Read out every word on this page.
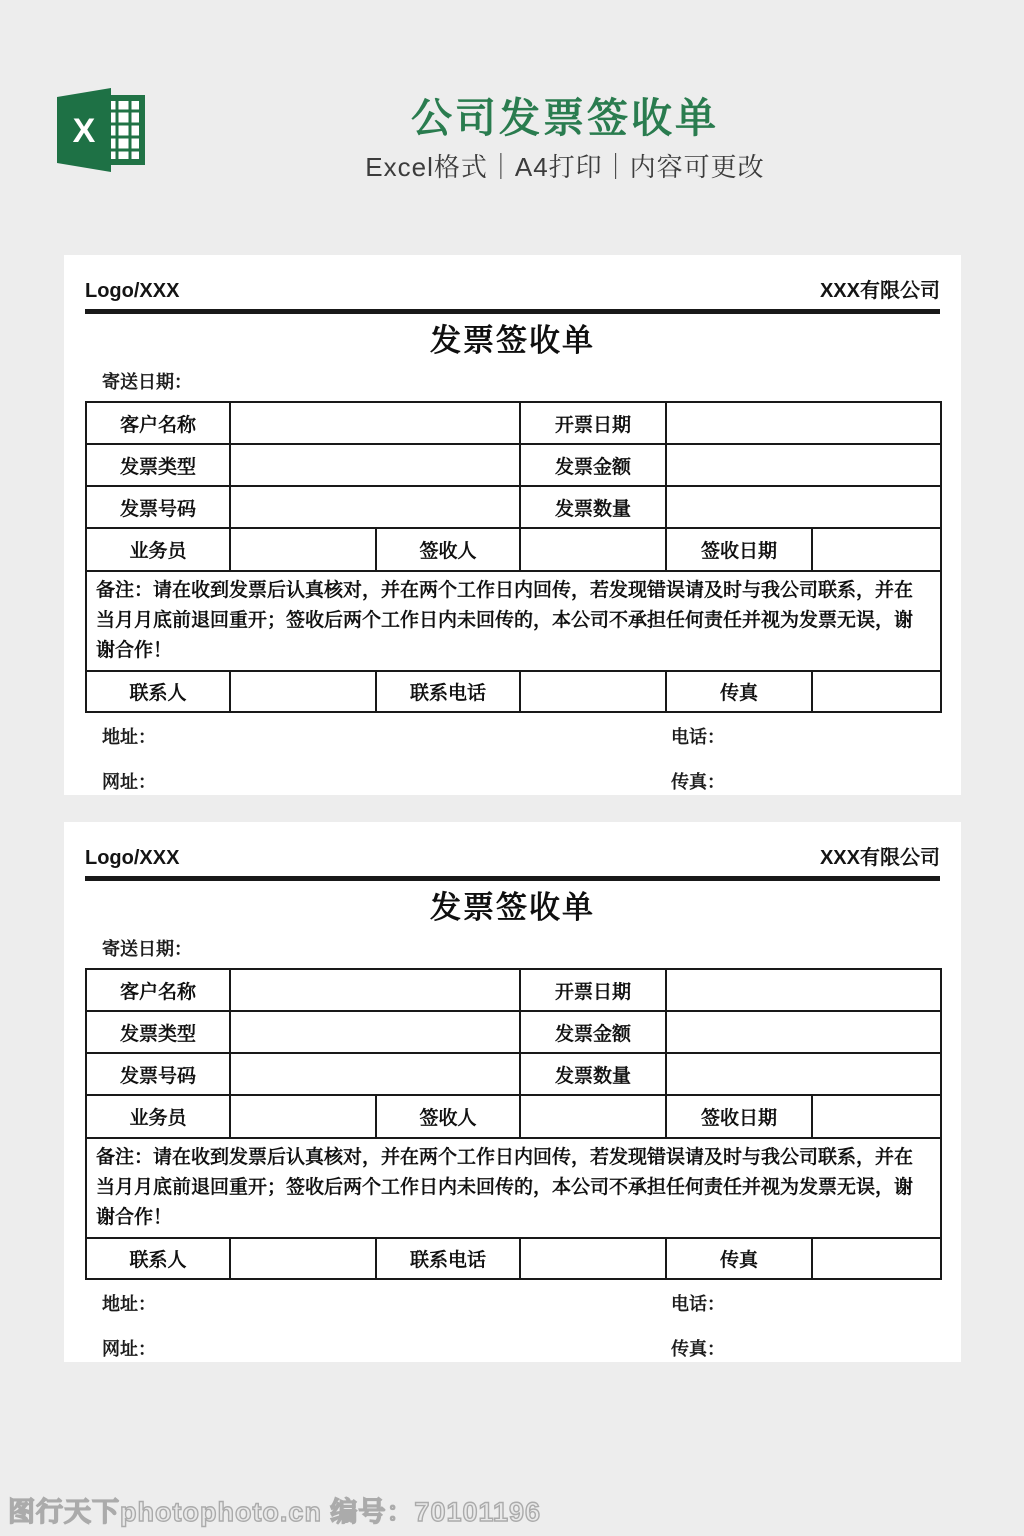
X	公司发票签收单
Excel格式｜A4打印｜内容可更改
Logo/XXX	XXX有限公司
发票签收单
寄送日期：
客户名称			开票日期		
发票类型			发票金额		
发票号码			发票数量		
业务员		签收人		签收日期	
备注：请在收到发票后认真核对，并在两个工作日内回传，若发现错误请及时与我公司联系，并在当月月底前退回重开；签收后两个工作日内未回传的，本公司不承担任何责任并视为发票无误，谢谢合作！					
联系人		联系电话		传真	
地址：	电话：
网址：	传真：
Logo/XXX	XXX有限公司
发票签收单
寄送日期：
客户名称			开票日期		
发票类型			发票金额		
发票号码			发票数量		
业务员		签收人		签收日期	
备注：请在收到发票后认真核对，并在两个工作日内回传，若发现错误请及时与我公司联系，并在当月月底前退回重开；签收后两个工作日内未回传的，本公司不承担任何责任并视为发票无误，谢谢合作！					
联系人		联系电话		传真	
地址：	电话：
网址：	传真：
图行天下photophoto.cn 编号：70101196
